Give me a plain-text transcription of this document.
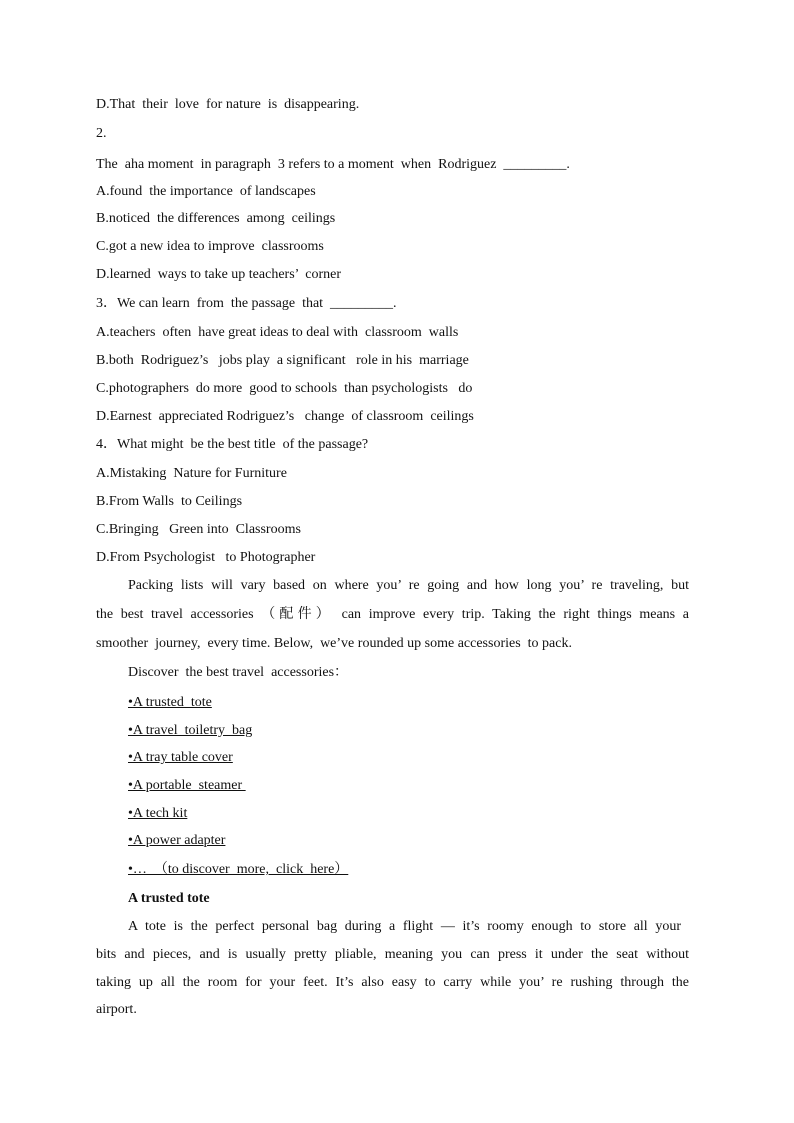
D.That  their  love  for nature  is  disappearing.
2.
The  aha moment  in paragraph  3 refers to a moment  when  Rodriguez  _________.
A.found  the importance  of landscapes
B.noticed  the differences  among  ceilings
C.got a new idea to improve  classrooms
D.learned  ways to take up teachers’  corner
3．We can learn  from  the passage  that  _________.
A.teachers  often  have great ideas to deal with  classroom  walls
B.both  Rodriguez’s   jobs play  a significant   role in his  marriage
C.photographers  do more  good to schools  than psychologists   do
D.Earnest  appreciated Rodriguez’s   change  of classroom  ceilings
4．What might  be the best title  of the passage?
A.Mistaking  Nature for Furniture
B.From Walls  to Ceilings
C.Bringing   Green into  Classrooms
D.From Psychologist   to Photographer
Packing lists will vary based on where you’ re going and how long you’ re traveling, but
the best travel accessories （配件） can improve every trip. Taking the right things means a
smoother  journey,  every time. Below,  we’ve rounded up some accessories  to pack.
Discover  the best travel  accessories：
•A trusted  tote
•A travel  toiletry  bag
•A tray table cover
•A portable  steamer
•A tech kit
•A power adapter
•…  （to discover  more,  click  here）
A trusted tote
A tote is the perfect personal bag during a flight — it’s roomy enough to store all your
bits and pieces, and is usually pretty pliable, meaning you can press it under the seat without
taking up all the room for your feet. It’s also easy to carry while you’ re rushing through the
airport.
